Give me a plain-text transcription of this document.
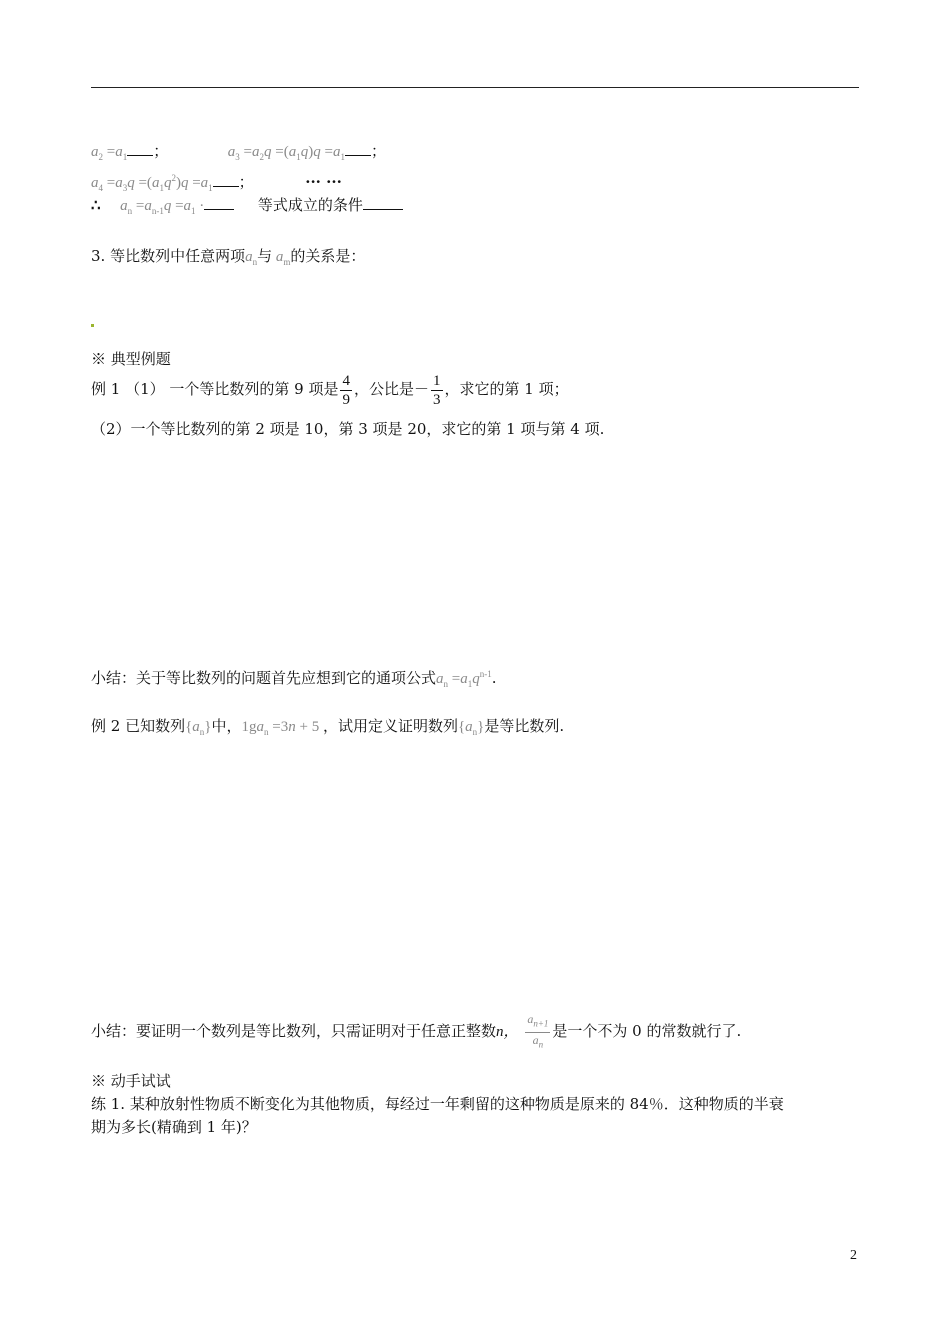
$a_2 =a_1$ ；	$a_3 =a_2q =(a_1q)q =a_1$ ；
$a_4 =a_3q =(a_1q^2)q =a_1$ ；	··· ···
∴ $a_n =a_{n-1}q =a_1$ ·	等式成立的条件
3. 等比数列中任意两项$a_n$与 $a_m$的关系是：
※ 典型例题
例 1 （1） 一个等比数列的第 9 项是 $\frac{4}{9}$ ，公比是－ $\frac{1}{3}$ ，求它的第 1 项；
（2）一个等比数列的第 2 项是 10，第 3 项是 20，求它的第 1 项与第 4 项.
小结：关于等比数列的问题首先应想到它的通项公式$a_n =a_1q^{n-1}$.
例 2 已知数列$\{a_n\}$中，$1ga_n =3n + 5$ ，试用定义证明数列$\{a_n\}$是等比数列.
小结：要证明一个数列是等比数列，只需证明对于任意正整数n， $\frac{a_{n+1}}{a_n}$ 是一个不为 0 的常数就行了.
※ 动手试试
练 1. 某种放射性物质不断变化为其他物质，每经过一年剩留的这种物质是原来的 84％．这种物质的半衰
期为多长(精确到 1 年)？
2
